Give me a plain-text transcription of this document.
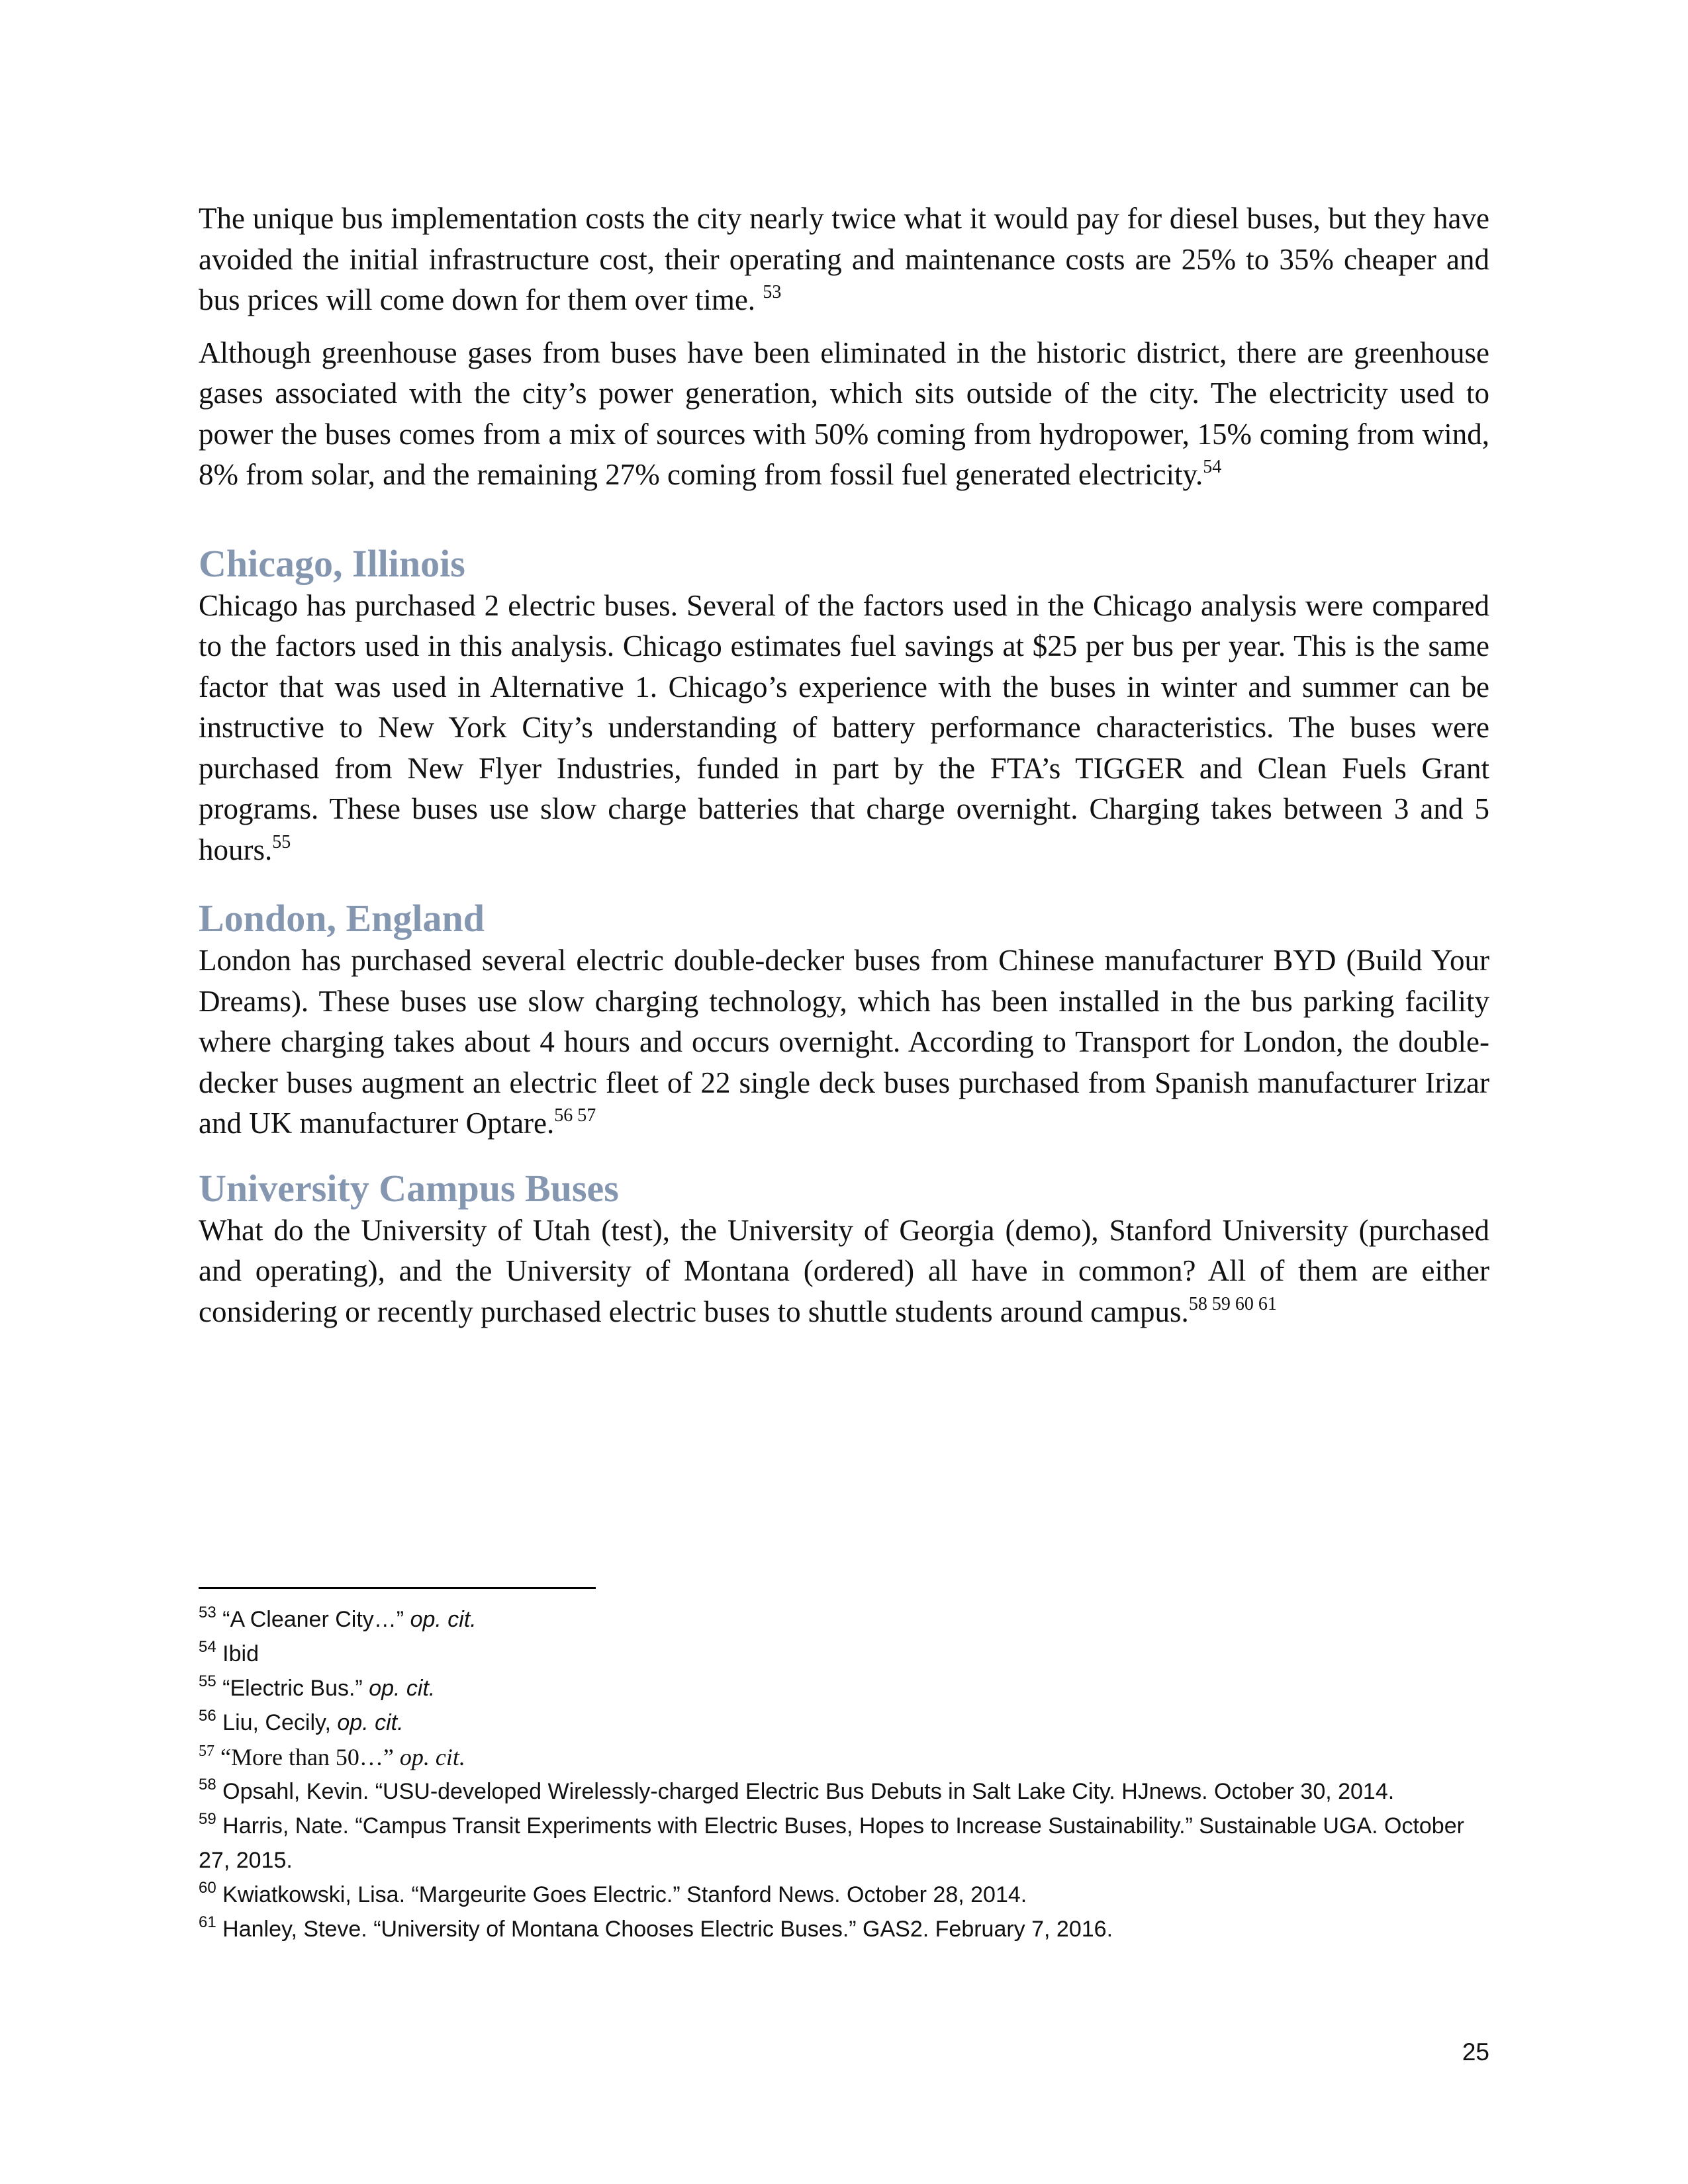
The unique bus implementation costs the city nearly twice what it would pay for diesel buses, but they have avoided the initial infrastructure cost, their operating and maintenance costs are 25% to 35% cheaper and bus prices will come down for them over time. $^{53}$

Although greenhouse gases from buses have been eliminated in the historic district, there are greenhouse gases associated with the city’s power generation, which sits outside of the city. The electricity used to power the buses comes from a mix of sources with 50% coming from hydropower, 15% coming from wind, 8% from solar, and the remaining 27% coming from fossil fuel generated electricity.$^{54}$

Chicago, Illinois

Chicago has purchased 2 electric buses. Several of the factors used in the Chicago analysis were compared to the factors used in this analysis. Chicago estimates fuel savings at $25 per bus per year. This is the same factor that was used in Alternative 1. Chicago’s experience with the buses in winter and summer can be instructive to New York City’s understanding of battery performance characteristics. The buses were purchased from New Flyer Industries, funded in part by the FTA’s TIGGER and Clean Fuels Grant programs. These buses use slow charge batteries that charge overnight. Charging takes between 3 and 5 hours.$^{55}$

London, England

London has purchased several electric double-decker buses from Chinese manufacturer BYD (Build Your Dreams). These buses use slow charging technology, which has been installed in the bus parking facility where charging takes about 4 hours and occurs overnight. According to Transport for London, the double-decker buses augment an electric fleet of 22 single deck buses purchased from Spanish manufacturer Irizar and UK manufacturer Optare.$^{56 57}$

University Campus Buses

What do the University of Utah (test), the University of Georgia (demo), Stanford University (purchased and operating), and the University of Montana (ordered) all have in common? All of them are either considering or recently purchased electric buses to shuttle students around campus.$^{58 59 60 61}$

$^{53}$ “A Cleaner City…” op. cit.

$^{54}$ Ibid

$^{55}$ “Electric Bus.” op. cit.

$^{56}$ Liu, Cecily, op. cit.

$^{57}$ “More than 50…” op. cit.

$^{58}$ Opsahl, Kevin. “USU-developed Wirelessly-charged Electric Bus Debuts in Salt Lake City. HJnews. October 30, 2014.

$^{59}$ Harris, Nate. “Campus Transit Experiments with Electric Buses, Hopes to Increase Sustainability.” Sustainable UGA. October 27, 2015.

$^{60}$ Kwiatkowski, Lisa. “Margeurite Goes Electric.” Stanford News. October 28, 2014.

$^{61}$ Hanley, Steve. “University of Montana Chooses Electric Buses.” GAS2. February 7, 2016.

25
